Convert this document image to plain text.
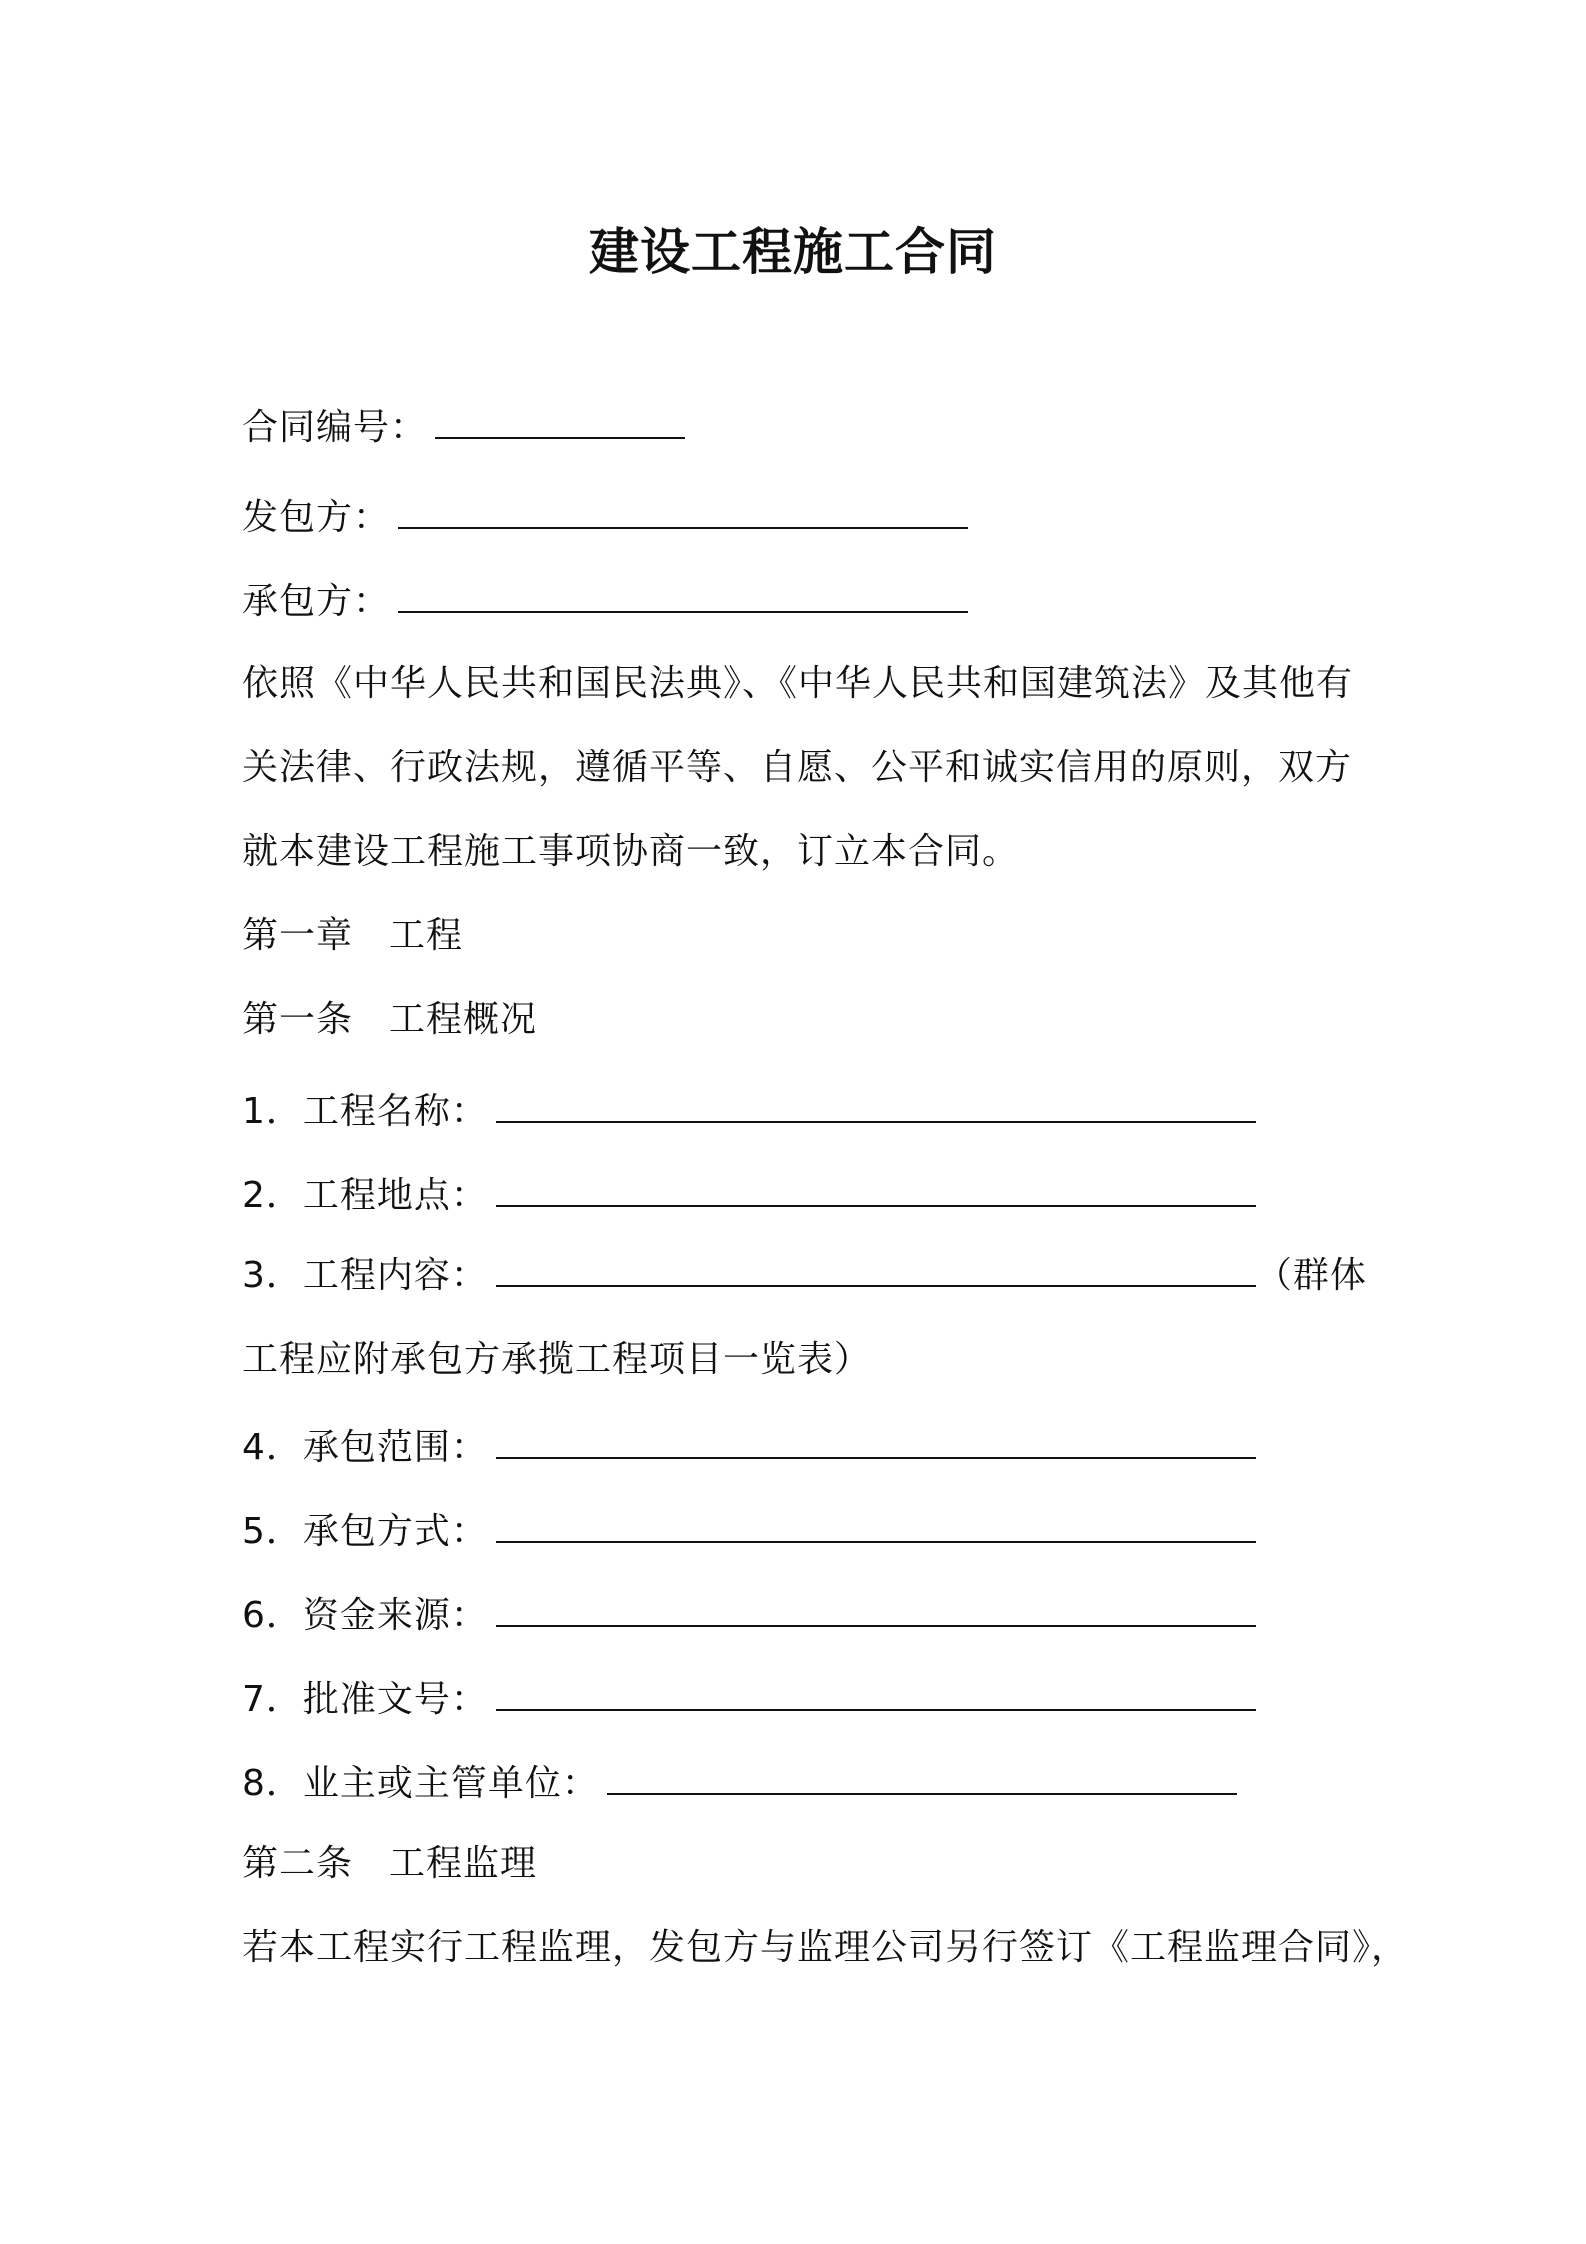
建设工程施工合同
合同编号：
发包方：
承包方：
依照《中华人民共和国民法典》、《中华人民共和国建筑法》及其他有
关法律、行政法规，遵循平等、自愿、公平和诚实信用的原则，双方
就本建设工程施工事项协商一致，订立本合同。
第一章 工程
第一条 工程概况
1．工程名称：
2．工程地点：
3．工程内容：	（群体
工程应附承包方承揽工程项目一览表）
4．承包范围：
5．承包方式：
6．资金来源：
7．批准文号：
8．业主或主管单位：
第二条 工程监理
若本工程实行工程监理，发包方与监理公司另行签订《工程监理合同》，
